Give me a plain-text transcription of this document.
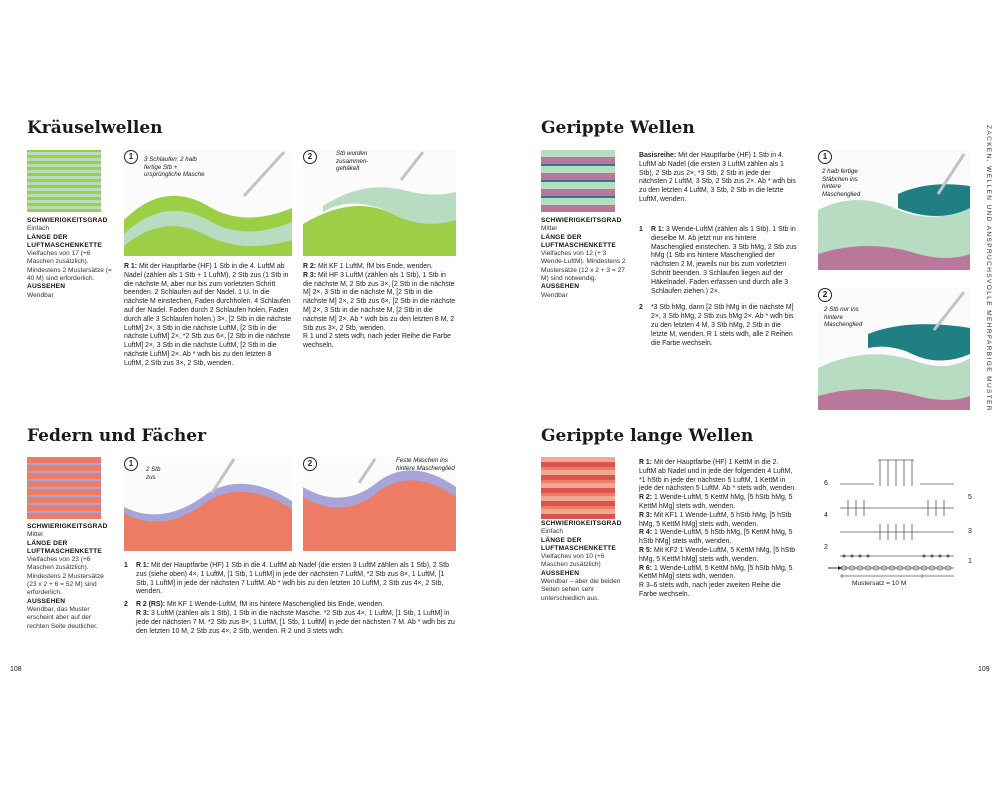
ZACKEN, WELLEN UND ANSPRUCHSVOLLE MEHRFARBIGE MUSTER
Kräuselwellen
SCHWIERIGKEITSGRAD
Einfach
LÄNGE DER LUFTMASCHENKETTE
Vielfaches von 17 (+6 Maschen zusätzlich). Mindestens 2 Mustersätze (= 40 M) sind erforderlich.
AUSSEHEN
Wendbar
1	3 Schlaufen: 2 halb fertige Stb + ursprüngliche Masche
2	Stb wurden zusammen-gehäkelt

R 1: Mit der Hauptfarbe (HF) 1 Stb in die 4. LuftM ab Nadel (zählen als 1 Stb + 1 LuftM), 2 Stb zus (1 Stb in die nächste M, aber nur bis zum vorletzten Schritt beenden. 2 Schlaufen auf der Nadel. 1 U. In die nächste M einstechen, Faden durchholen. 4 Schlaufen auf der Nadel. Faden durch 2 Schlaufen holen, Faden durch alle 3 Schlaufen holen.) 3×, [2 Stb in die nächste LuftM] 2×, 3 Stb in die nächste LuftM, [2 Stb in die nächste LuftM] 2×, *2 Stb zus 6×, [2 Stb in die nächste LuftM] 2×, 3 Stb in die nächste LuftM, [2 Stb in die nächste LuftM] 2×. Ab * wdh bis zu den letzten 8 LuftM, 2 Stb zus 3×, 2 Stb, wenden.

R 2: Mit KF 1 LuftM, fM bis Ende, wenden.

R 3: Mit HF 3 LuftM (zählen als 1 Stb), 1 Stb in die nächste M, 2 Stb zus 3×, [2 Stb in die nächste M] 2×, 3 Stb in die nächste M, [2 Stb in die nächste M] 2×, 2 Stb zus 6×, [2 Stb in die nächste M] 2×, 3 Stb in die nächste M, [2 Stb in die nächste M] 2×. Ab * wdh bis zu den letzten 8 M, 2 Stb zus 3×, 2 Stb, wenden.

R 1 und 2 stets wdh, nach jeder Reihe die Farbe wechseln.

Federn und Fächer
SCHWIERIGKEITSGRAD
Mittel
LÄNGE DER LUFTMASCHENKETTE
Vielfaches von 23 (+6 Maschen zusätzlich). Mindestens 2 Mustersätze (23 x 2 + 6 = 52 M) sind erforderlich.
AUSSEHEN
Wendbar, das Muster erscheint aber auf der rechten Seite deutlicher.
1
2 Stb zus
2	Feste Maschen ins hintere Maschenglied
1 R 1: Mit der Hauptfarbe (HF) 1 Stb in die 4. LuftM ab Nadel (die ersten 3 LuftM zählen als 1 Stb), 2 Stb zus (siehe oben) 4×, 1 LuftM, [1 Stb, 1 LuftM] in jede der nächsten 7 LuftM, *2 Stb zus 8×, 1 LuftM, [1 Stb, 1 LuftM] in jede der nächsten 7 LuftM. Ab * wdh bis zu den letzten 10 LuftM, 2 Stb zus 4×, 2 Stb, wenden.
2 R 2 (RS): Mit KF 1 Wende-LuftM, fM ins hintere Maschenglied bis Ende, wenden.
R 3: 3 LuftM (zählen als 1 Stb), 1 Stb in die nächste Masche. *2 Stb zus 4×, 1 LuftM, [1 Stb, 1 LuftM] in jede der nächsten 7 M. *2 Stb zus 8×, 1 LuftM, [1 Stb, 1 LuftM] in jede der nächsten 7 M. Ab * wdh bis zu den letzten 10 M, 2 Stb zus 4×, 2 Stb, wenden. R 2 und 3 stets wdh.
108
Gerippte Wellen
SCHWIERIGKEITSGRAD
Mittel
LÄNGE DER LUFTMASCHENKETTE
Vielfaches von 12 (+ 3 Wende-LuftM). Mindestens 2 Mustersätze (12 x 2 + 3 = 27 M) sind notwendig.
AUSSEHEN
Wendbar

Basisreihe: Mit der Hauptfarbe (HF) 1 Stb in 4. LuftM ab Nadel (die ersten 3 LuftM zählen als 1 Stb), 2 Stb zus 2×, *3 Stb, 2 Stb in jede der nächsten 2 LuftM, 3 Stb, 2 Stb zus 2×. Ab * wdh bis zu den letzten 4 LuftM, 3 Stb, 2 Stb in die letzte LuftM, wenden.

1 R 1: 3 Wende-LuftM (zählen als 1 Stb). 1 Stb in dieselbe M. Ab jetzt nur ins hintere Maschenglied einstechen. 3 Stb hMg, 2 Stb zus hMg (1 Stb ins hintere Maschenglied der nächsten 2 M, jeweils nur bis zum vorletzten Schritt beenden. 3 Schlaufen liegen auf der Häkelnadel. Faden erfassen und durch alle 3 Schlaufen ziehen.) 2×.
2 *3 Stb hMg, dann [2 Stb hMg in die nächste M] 2×, 3 Stb hMg, 2 Stb zus hMg 2×. Ab * wdh bis zu den letzten 4 M, 3 Stb hMg, 2 Stb in die letzte M, wenden. R 1 stets wdh, alle 2 Reihen die Farbe wechseln.
1
2 halb fertige Stäbchen ins hintere Maschenglied
2
2 Stb nur ins hintere Maschenglied
Gerippte lange Wellen
SCHWIERIGKEITSGRAD
Einfach
LÄNGE DER LUFTMASCHENKETTE
Vielfaches von 10 (+6 Maschen zusätzlich)
AUSSEHEN
Wendbar – aber die beiden Seiten sehen sehr unterschiedlich aus.

R 1: Mit der Hauptfarbe (HF) 1 KettM in die 2. LuftM ab Nadel und in jede der folgenden 4 LuftM, *1 hStb in jede der nächsten 5 LuftM, 1 KettM in jede der nächsten 5 LuftM. Ab * stets wdh, wenden.

R 2: 1 Wende-LuftM, 5 KettM hMg, [5 hStb hMg, 5 KettM hMg] stets wdh, wenden.

R 3: Mit KF1 1 Wende-LuftM, 5 hStb hMg, [5 hStb hMg, 5 KettM hMg] stets wdh, wenden.

R 4: 1 Wende-LuftM, 5 hStb hMg, [5 KettM hMg, 5 hStb hMg] stets wdh, wenden.

R 5: Mit KF2 1 Wende-LuftM, 5 KettM hMg, [5 hStb hMg, 5 KettM hMg] stets wdh, wenden.

R 6: 1 Wende-LuftM, 5 KettM hMg, [5 hStb hMg, 5 KettM hMg] stets wdh, wenden.

R 3–6 stets wdh, nach jeder zweiten Reihe die Farbe wechseln.

6
4
2
5
3
1
Mustersatz = 10 M
109
